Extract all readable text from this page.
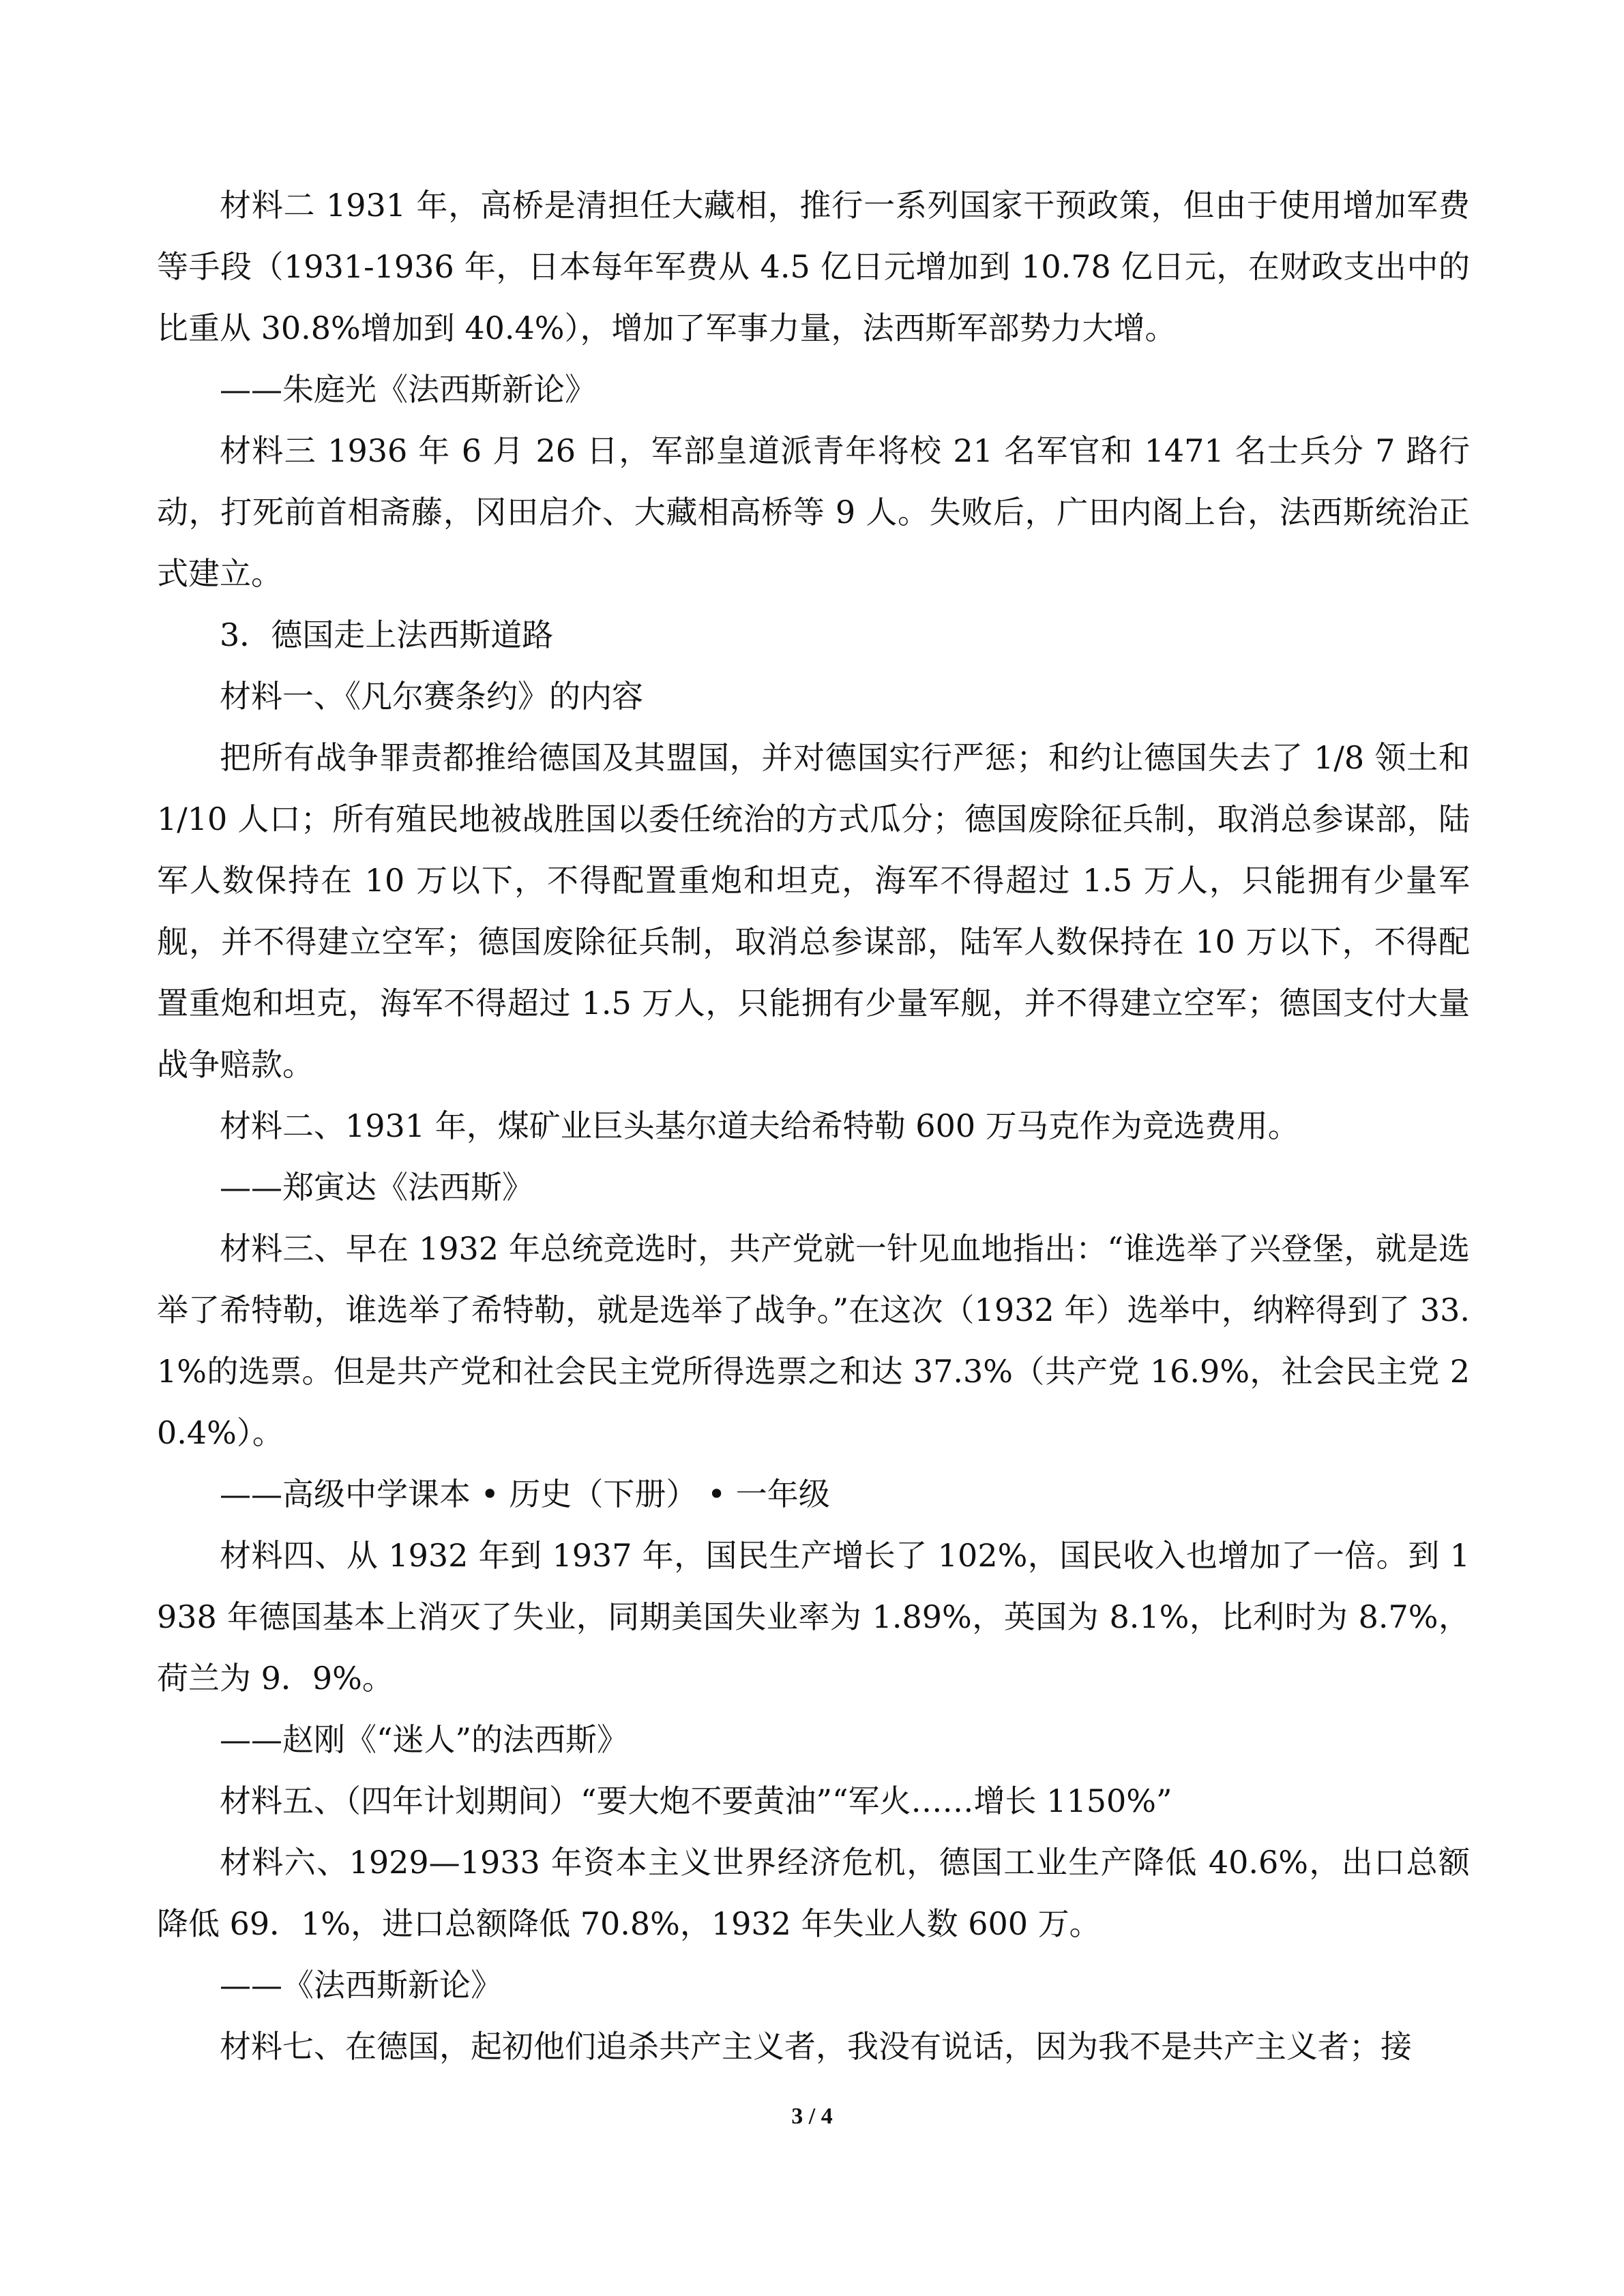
材料二 1931 年，高桥是清担任大藏相，推行一系列国家干预政策，但由于使用增加军费等手段（1931-1936 年，日本每年军费从 4.5 亿日元增加到 10.78 亿日元，在财政支出中的比重从 30.8%增加到 40.4%），增加了军事力量，法西斯军部势力大增。

——朱庭光《法西斯新论》

材料三 1936 年 6 月 26 日，军部皇道派青年将校 21 名军官和 1471 名士兵分 7 路行动，打死前首相斋藤，冈田启介、大藏相高桥等 9 人。失败后，广田内阁上台，法西斯统治正式建立。

3．德国走上法西斯道路

材料一、《凡尔赛条约》的内容

把所有战争罪责都推给德国及其盟国，并对德国实行严惩；和约让德国失去了 1/8 领土和 1/10 人口；所有殖民地被战胜国以委任统治的方式瓜分；德国废除征兵制，取消总参谋部，陆军人数保持在 10 万以下，不得配置重炮和坦克，海军不得超过 1.5 万人，只能拥有少量军舰，并不得建立空军；德国废除征兵制，取消总参谋部，陆军人数保持在 10 万以下，不得配置重炮和坦克，海军不得超过 1.5 万人，只能拥有少量军舰，并不得建立空军；德国支付大量战争赔款。

材料二、1931 年，煤矿业巨头基尔道夫给希特勒 600 万马克作为竞选费用。

——郑寅达《法西斯》

材料三、早在 1932 年总统竞选时，共产党就一针见血地指出：“谁选举了兴登堡，就是选举了希特勒，谁选举了希特勒，就是选举了战争。”在这次（1932 年）选举中，纳粹得到了 33.1%的选票。但是共产党和社会民主党所得选票之和达 37.3%（共产党 16.9%，社会民主党 20.4%）。

——高级中学课本 • 历史（下册） • 一年级

材料四、从 1932 年到 1937 年，国民生产增长了 102%，国民收入也增加了一倍。到 1938 年德国基本上消灭了失业，同期美国失业率为 1.89%，英国为 8.1%，比利时为 8.7%，荷兰为 9．9%。

——赵刚《“迷人”的法西斯》

材料五、（四年计划期间）“要大炮不要黄油”“军火……增长 1150%”

材料六、1929—1933 年资本主义世界经济危机，德国工业生产降低 40.6%，出口总额降低 69．1%，进口总额降低 70.8%，1932 年失业人数 600 万。

——《法西斯新论》

材料七、在德国，起初他们追杀共产主义者，我没有说话，因为我不是共产主义者；接

3 / 4
